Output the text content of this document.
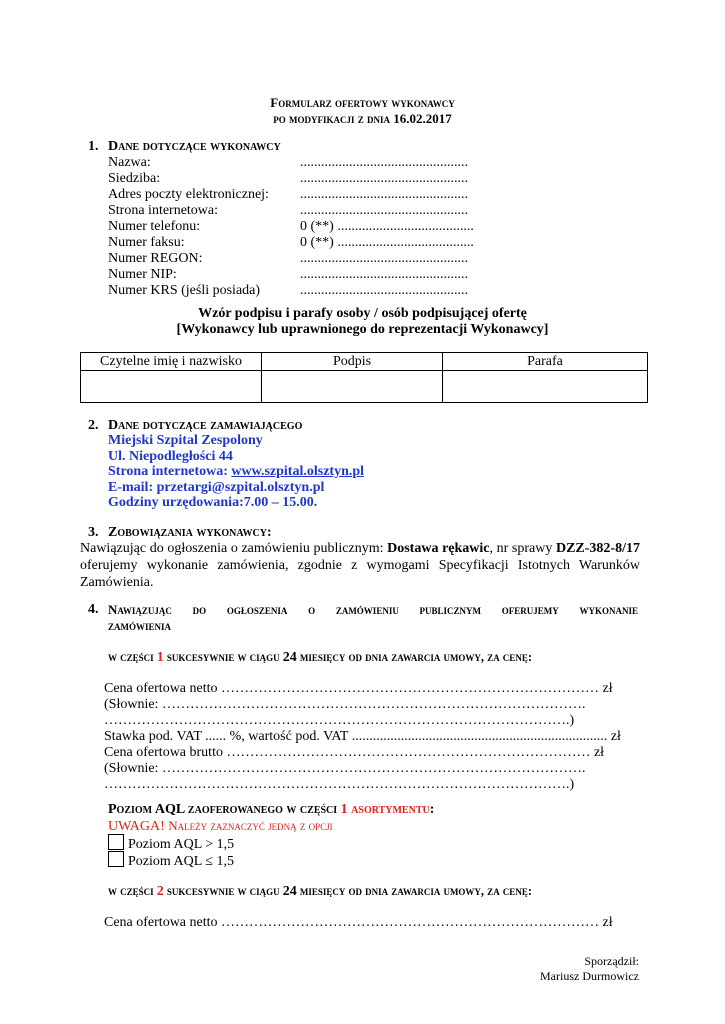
Formularz ofertowy wykonawcy
po modyfikacji z dnia 16.02.2017
1. Dane dotyczące wykonawcy
Nazwa:	................................................
Siedziba:	................................................
Adres poczty elektronicznej: ................................................
Strona internetowa:	................................................
Numer telefonu:	0 (**) .......................................
Numer faksu:	0 (**) .......................................
Numer REGON:	................................................
Numer NIP:	................................................
Numer KRS (jeśli posiada)	................................................
Wzór podpisu i parafy osoby / osób podpisującej ofertę
[Wykonawcy lub uprawnionego do reprezentacji Wykonawcy]
Czytelne imię i nazwisko	Podpis	Parafa

2. Dane dotyczące zamawiającego
Miejski Szpital Zespolony
Ul. Niepodległości 44
Strona internetowa: www.szpital.olsztyn.pl
E-mail: przetargi@szpital.olsztyn.pl
Godziny urzędowania:7.00 – 15.00.
3. Zobowiązania wykonawcy:
Nawiązując do ogłoszenia o zamówieniu publicznym: Dostawa rękawic, nr sprawy DZZ-382-8/17 oferujemy wykonanie zamówienia, zgodnie z wymogami Specyfikacji Istotnych Warunków Zamówienia.
4. Nawiązując do ogłoszenia o zamówieniu publicznym oferujemy wykonanie
zamówienia
w części 1 sukcesywnie w ciągu 24 miesięcy od dnia zawarcia umowy, za cenę:
Cena ofertowa netto ……………………………………………………………………… zł
(Słownie: ……………………………………………………………………………….
……………………………………………………………………………………….)
Stawka pod. VAT ...... %, wartość pod. VAT ......................................................................... zł
Cena ofertowa brutto …………………………………………………………………… zł
(Słownie: ……………………………………………………………………………….
……………………………………………………………………………………….)
Poziom AQL zaoferowanego w części 1 asortymentu:
UWAGA! Należy zaznaczyć jedną z opcji
Poziom AQL > 1,5
Poziom AQL ≤ 1,5
w części 2 sukcesywnie w ciągu 24 miesięcy od dnia zawarcia umowy, za cenę:
Cena ofertowa netto ……………………………………………………………………… zł
Sporządził:
Mariusz Durmowicz
